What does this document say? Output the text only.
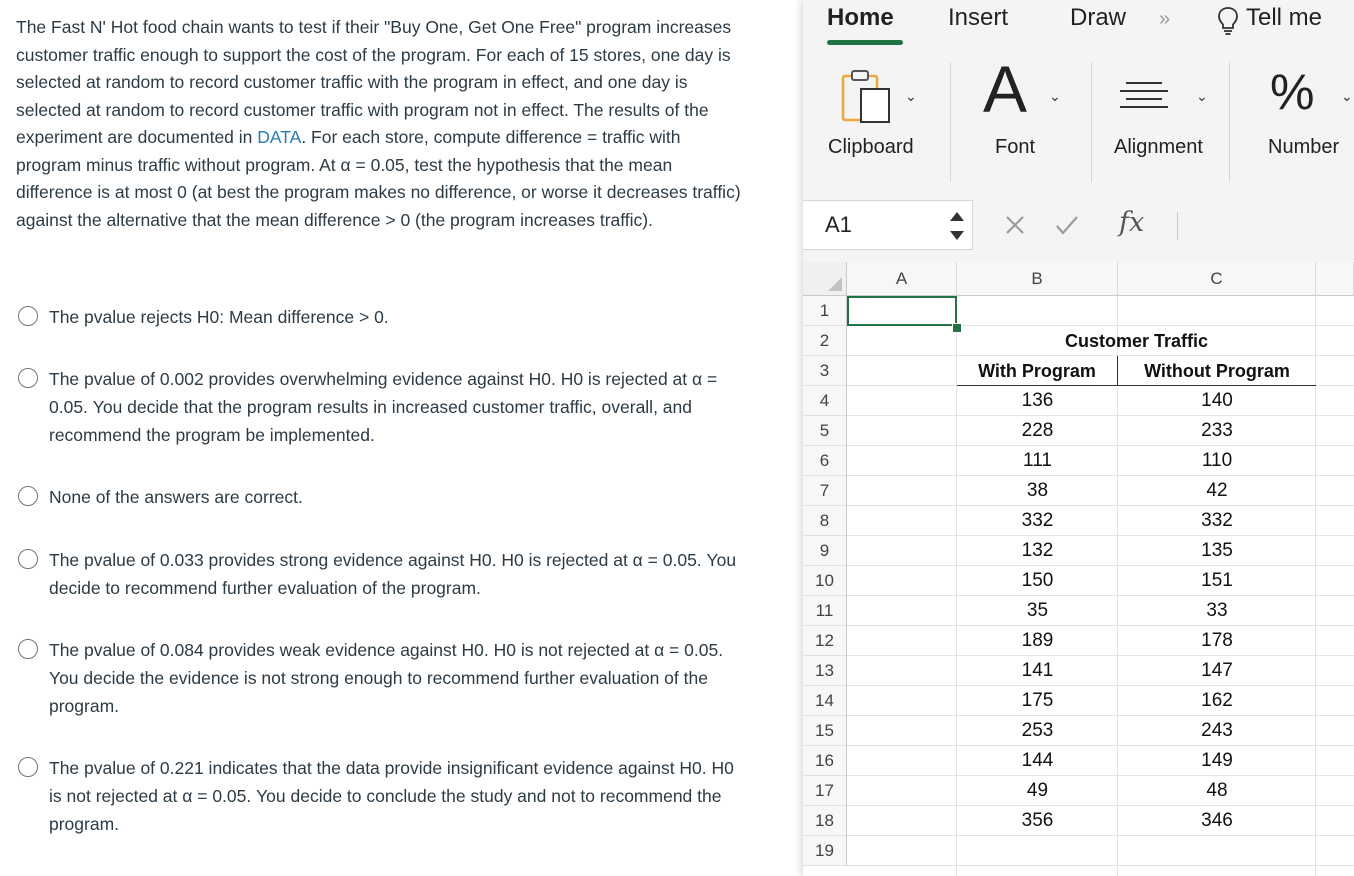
The Fast N' Hot food chain wants to test if their "Buy One, Get One Free" program increases customer traffic enough to support the cost of the program. For each of 15 stores, one day is selected at random to record customer traffic with the program in effect, and one day is selected at random to record customer traffic with program not in effect. The results of the experiment are documented in DATA. For each store, compute difference = traffic with program minus traffic without program. At α = 0.05, test the hypothesis that the mean difference is at most 0 (at best the program makes no difference, or worse it decreases traffic) against the alternative that the mean difference > 0 (the program increases traffic).
The pvalue rejects H0: Mean difference > 0.
The pvalue of 0.002 provides overwhelming evidence against H0. H0 is rejected at α = 0.05. You decide that the program results in increased customer traffic, overall, and recommend the program be implemented.
None of the answers are correct.
The pvalue of 0.033 provides strong evidence against H0. H0 is rejected at α = 0.05. You decide to recommend further evaluation of the program.
The pvalue of 0.084 provides weak evidence against H0. H0 is not rejected at α = 0.05. You decide the evidence is not strong enough to recommend further evaluation of the program.
The pvalue of 0.221 indicates that the data provide insignificant evidence against H0. H0 is not rejected at α = 0.05. You decide to conclude the study and not to recommend the program.
Home Insert	Draw »	Tell me
⌄
Clipboard
A ⌄
Font
⌄
Alignment
% ⌄
Number
A1	fx
A	B	C
1
2
3
4
5
6
7
8
9
10
11
12
13
14
15
16
17
18
19
Customer Traffic
With Program	Without Program
136	140
228	233
111	110
38	42
332	332
132	135
150	151
35	33
189	178
141	147
175	162
253	243
144	149
49	48
356	346
